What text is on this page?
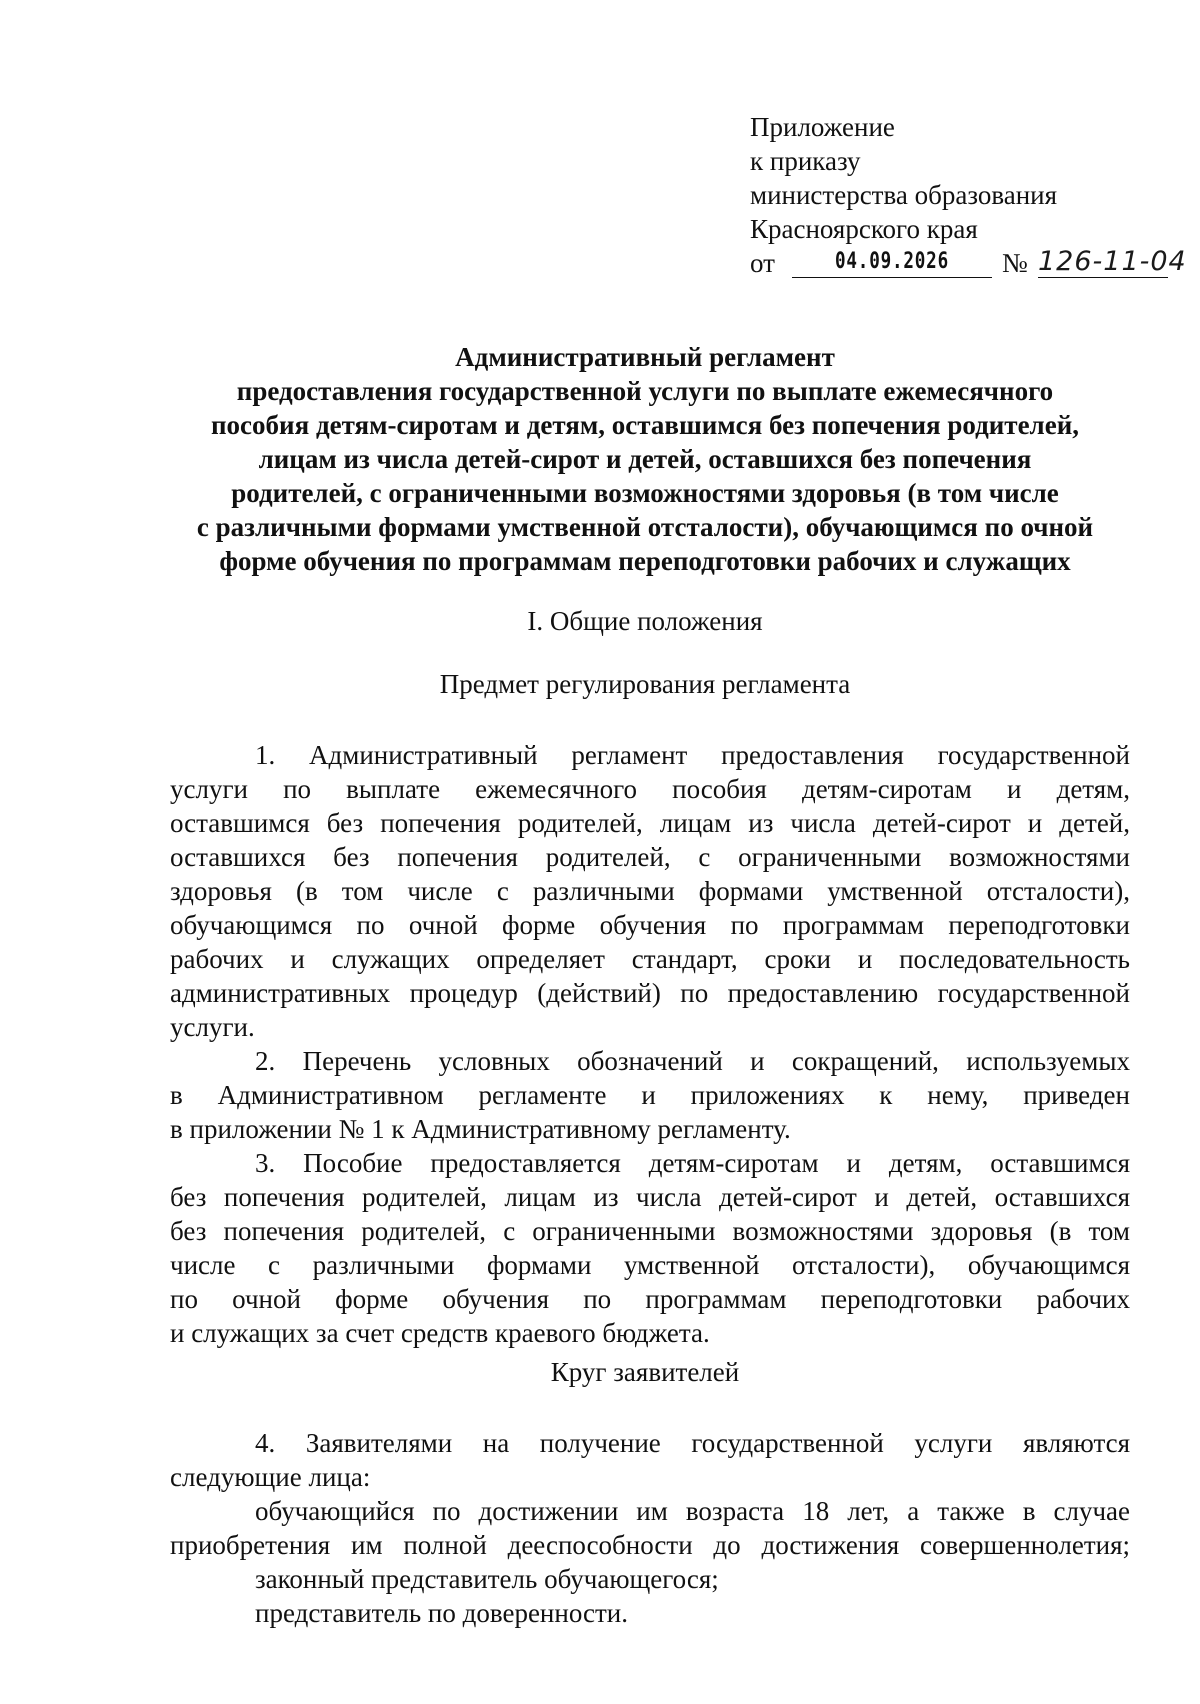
Приложение
к приказу
министерства образования
Красноярского края
от	04.09.2026	№ 126-11-04
Административный регламент
предоставления государственной услуги по выплате ежемесячного
пособия детям-сиротам и детям, оставшимся без попечения родителей,
лицам из числа детей-сирот и детей, оставшихся без попечения
родителей, с ограниченными возможностями здоровья (в том числе
с различными формами умственной отсталости), обучающимся по очной
форме обучения по программам переподготовки рабочих и служащих
I. Общие положения
Предмет регулирования регламента
1. Административный регламент предоставления государственной
услуги по выплате ежемесячного пособия детям-сиротам и детям,
оставшимся без попечения родителей, лицам из числа детей-сирот и детей,
оставшихся без попечения родителей, с ограниченными возможностями
здоровья (в том числе с различными формами умственной отсталости),
обучающимся по очной форме обучения по программам переподготовки
рабочих и служащих определяет стандарт, сроки и последовательность
административных процедур (действий) по предоставлению государственной
услуги.
2. Перечень условных обозначений и сокращений, используемых
в Административном регламенте и приложениях к нему, приведен
в приложении № 1 к Административному регламенту.
3. Пособие предоставляется детям-сиротам и детям, оставшимся
без попечения родителей, лицам из числа детей-сирот и детей, оставшихся
без попечения родителей, с ограниченными возможностями здоровья (в том
числе с различными формами умственной отсталости), обучающимся
по очной форме обучения по программам переподготовки рабочих
и служащих за счет средств краевого бюджета.
Круг заявителей
4. Заявителями на получение государственной услуги являются
следующие лица:
обучающийся по достижении им возраста 18 лет, а также в случае
приобретения им полной дееспособности до достижения совершеннолетия;
законный представитель обучающегося;
представитель по доверенности.
